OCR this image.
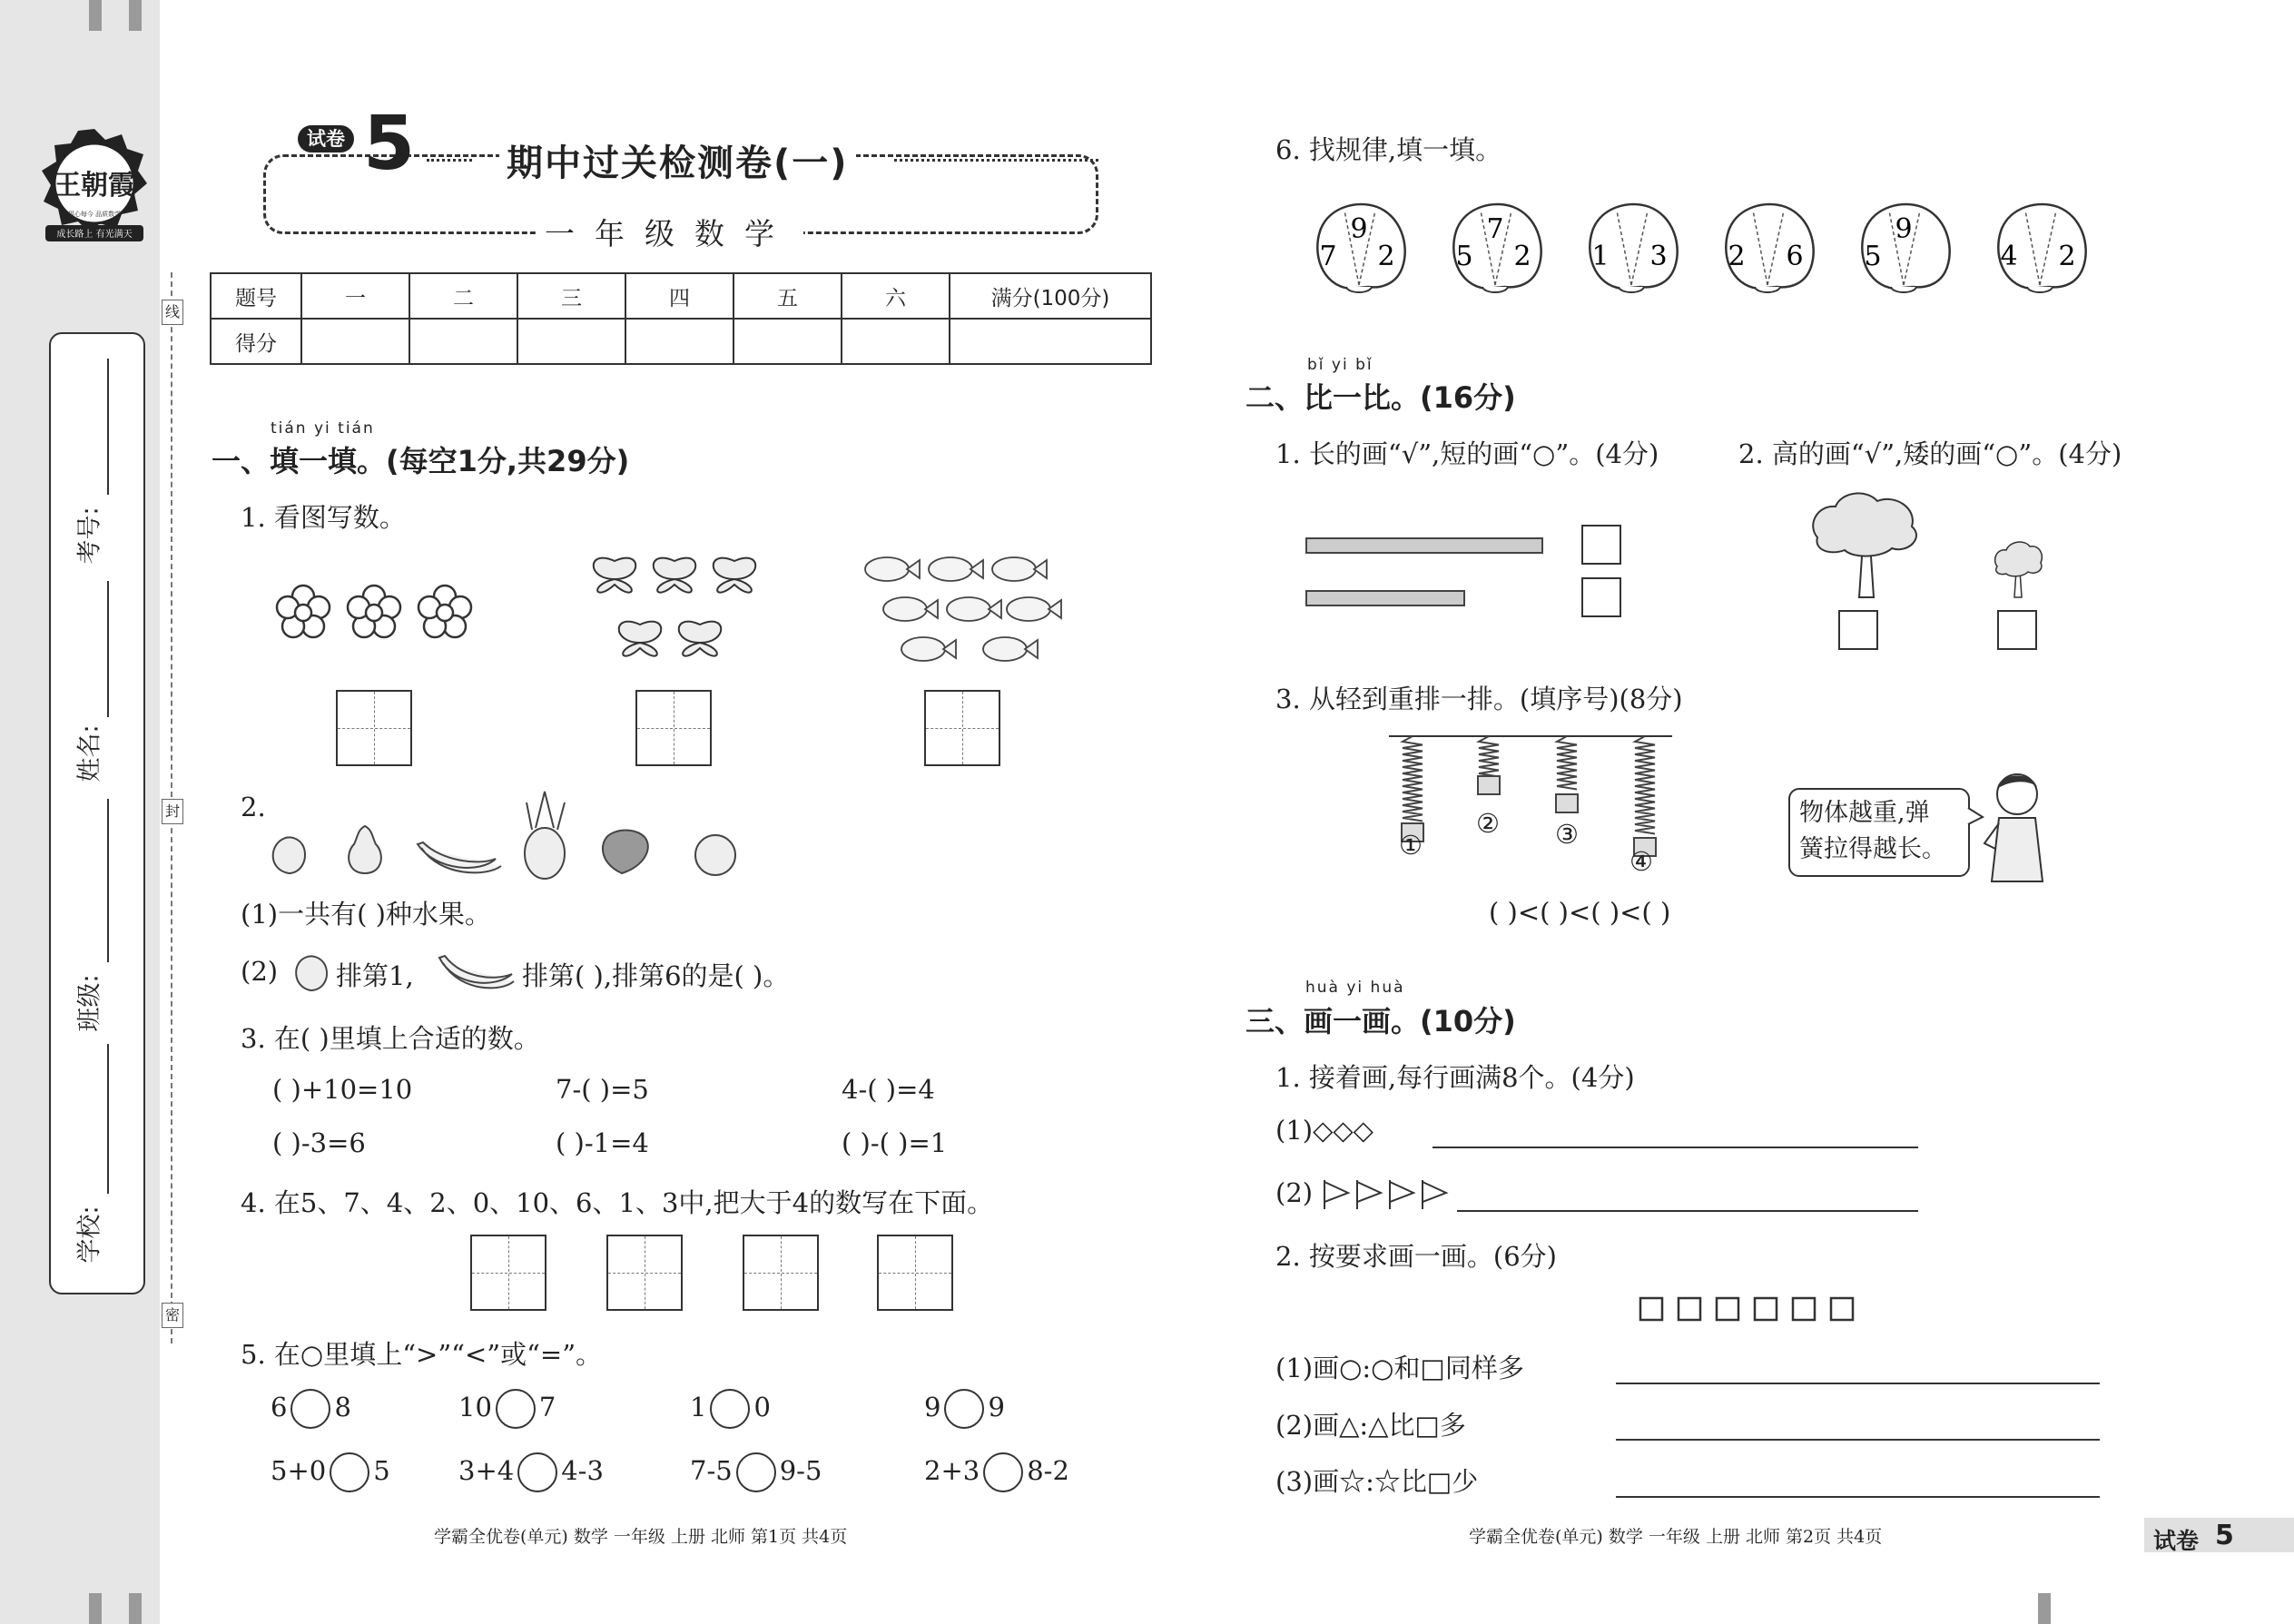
王朝霞
成长路上 有光满天
用心每今 品质数学
考号:
姓名:
班级:
学校:
线
封
密
试卷 5	期中过关检测卷(一)
一年级数学
题号	一	二	三	四	五	六	满分(100分)
得分							
tián yi tián
一、填一填。(每空1分,共29分)
1. 看图写数。
2.
(1)一共有( )种水果。
(2) 排第1,	排第( ),排第6的是( )。
3. 在( )里填上合适的数。
( )+10=10	7-( )=5	4-( )=4
( )-3=6	( )-1=4	( )-( )=1
4. 在5、7、4、2、0、10、6、1、3中,把大于4的数写在下面。
5. 在○里填上“>”“<”或“=”。
6 8	10 7	1 0	9 9
5+0 5	3+4 4-3	7-5 9-5	2+3 8-2
学霸全优卷(单元) 数学 一年级 上册 北师 第1页 共4页
6. 找规律,填一填。
7
9
2 5
7
2 1 3 2 6 5
9
4 2
bǐ yi bǐ
二、比一比。(16分)
1. 长的画“√”,短的画“○”。(4分)	2. 高的画“√”,矮的画“○”。(4分)
3. 从轻到重排一排。(填序号)(8分)
①
② ③
④
物体越重,弹
簧拉得越长。
( )<( )<( )<( )
huà yi huà
三、画一画。(10分)
1. 接着画,每行画满8个。(4分)
(1)◇◇◇
(2)
2. 按要求画一画。(6分)
(1)画○:○和□同样多
(2)画△:△比□多
(3)画☆:☆比□少
学霸全优卷(单元) 数学 一年级 上册 北师 第2页 共4页	试卷 5
